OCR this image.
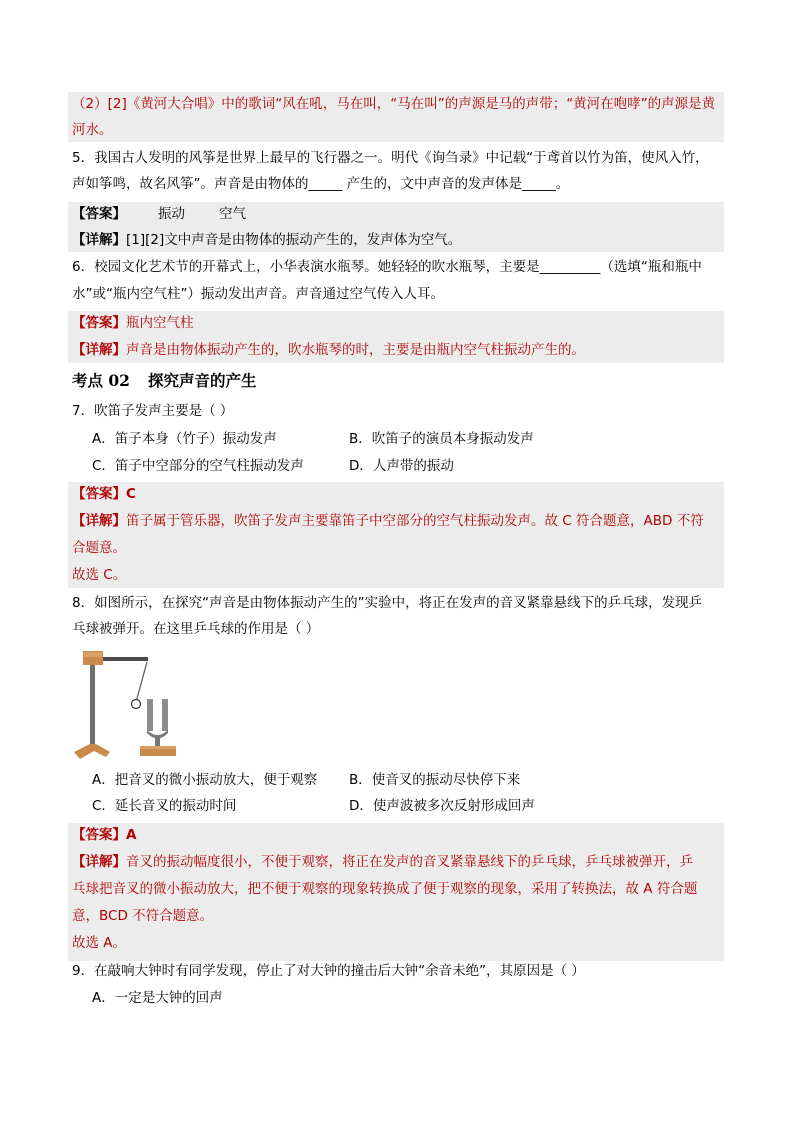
（2）[2]《黄河大合唱》中的歌词“风在吼，马在叫，“马在叫”的声源是马的声带；“黄河在咆哮”的声源是黄
河水。
5．我国古人发明的风筝是世界上最早的飞行器之一。明代《询刍录》中记载“于鸢首以竹为笛，使风入竹，
声如筝鸣，故名风筝”。声音是由物体的_____ 产生的，文中声音的发声体是_____。
【答案】 振动	空气
【详解】[1][2]文中声音是由物体的振动产生的，发声体为空气。
6．校园文化艺术节的开幕式上，小华表演水瓶琴。她轻轻的吹水瓶琴，主要是_________（选填“瓶和瓶中
水”或“瓶内空气柱”）振动发出声音。声音通过空气传入人耳。
【答案】瓶内空气柱
【详解】声音是由物体振动产生的，吹水瓶琴的时，主要是由瓶内空气柱振动产生的。
考点 02 探究声音的产生
7．吹笛子发声主要是（ ）
A．笛子本身（竹子）振动发声	B．吹笛子的演员本身振动发声
C．笛子中空部分的空气柱振动发声	D．人声带的振动
【答案】C
【详解】笛子属于管乐器，吹笛子发声主要靠笛子中空部分的空气柱振动发声。故 C 符合题意，ABD 不符
合题意。
故选 C。
8．如图所示，在探究“声音是由物体振动产生的”实验中，将正在发声的音叉紧靠悬线下的乒乓球，发现乒
乓球被弹开。在这里乒乓球的作用是（ ）
A．把音叉的微小振动放大，便于观察 B．使音叉的振动尽快停下来
C．延长音叉的振动时间	D．使声波被多次反射形成回声
【答案】A
【详解】音叉的振动幅度很小，不便于观察，将正在发声的音叉紧靠悬线下的乒乓球，乒乓球被弹开，乒
乓球把音叉的微小振动放大，把不便于观察的现象转换成了便于观察的现象，采用了转换法，故 A 符合题
意，BCD 不符合题意。
故选 A。
9．在敲响大钟时有同学发现，停止了对大钟的撞击后大钟“余音未绝”，其原因是（ ）
A．一定是大钟的回声
